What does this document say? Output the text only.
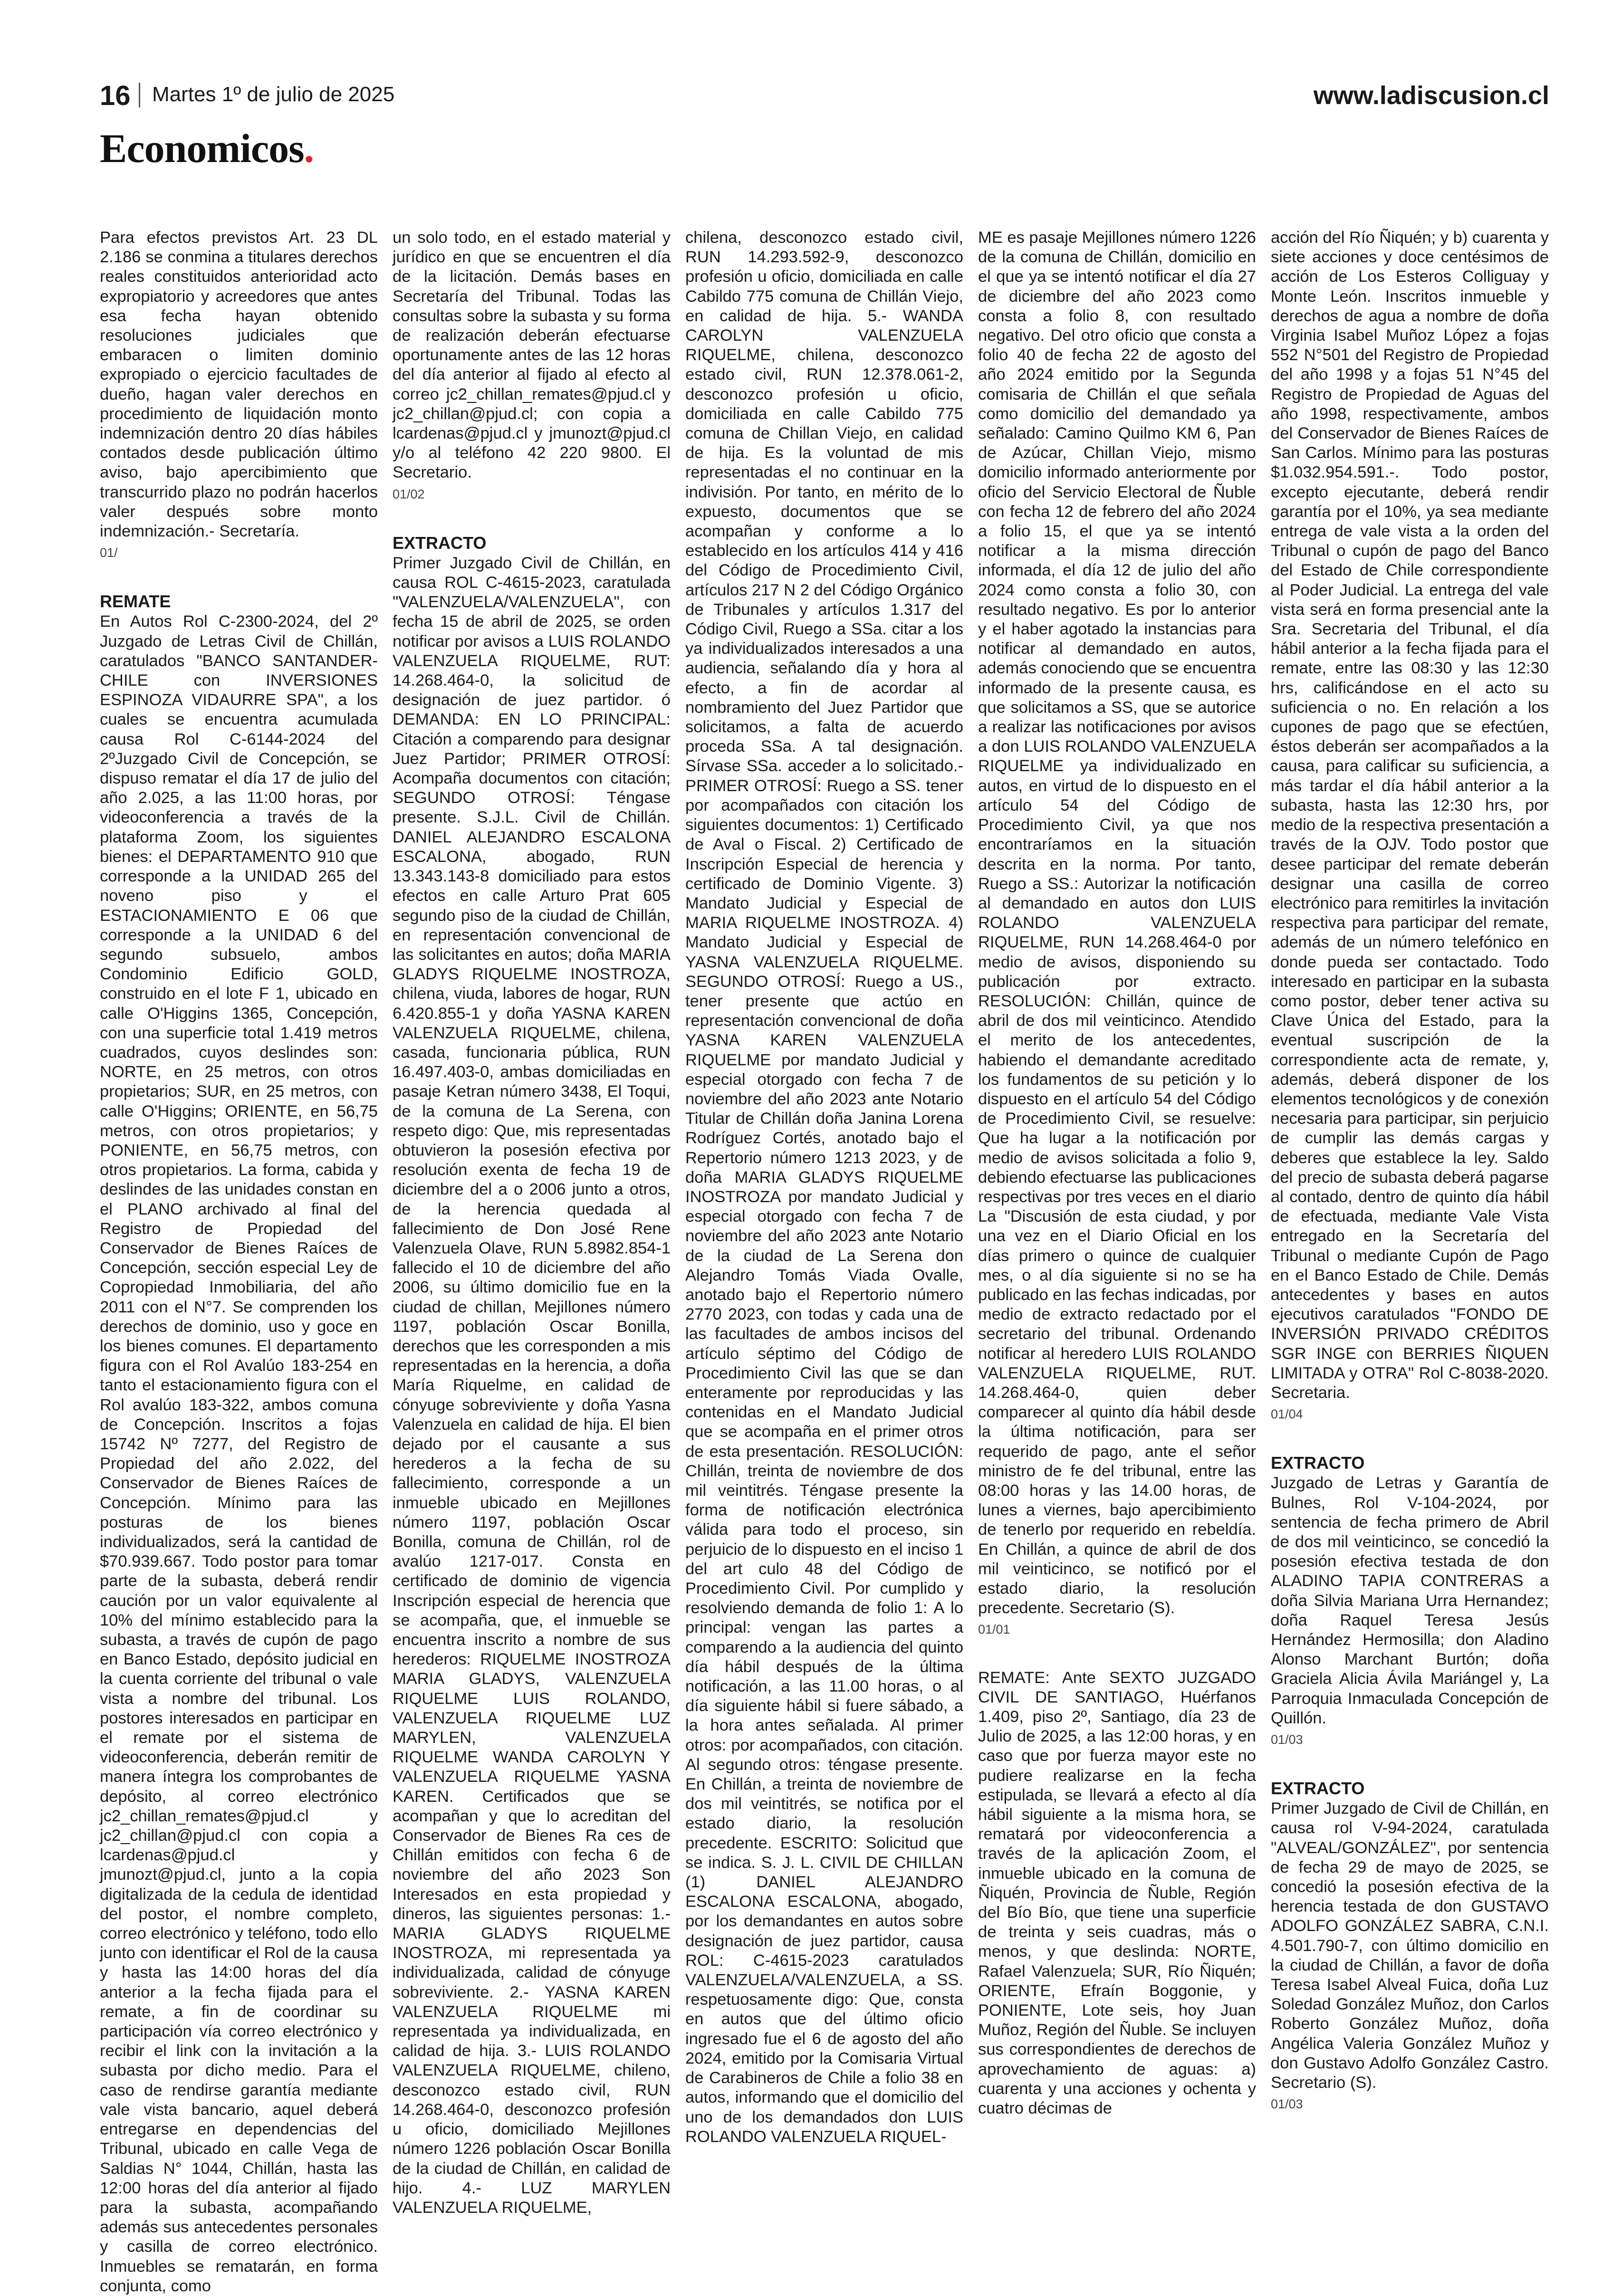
16 Martes 1º de julio de 2025	www.ladiscusion.cl
Economicos.

Para efectos previstos Art. 23 DL 2.186 se conmina a titulares derechos reales constituidos anterioridad acto expropiatorio y acreedores que antes esa fecha hayan obtenido resoluciones judiciales que embaracen o limiten dominio expropiado o ejercicio facultades de dueño, hagan valer derechos en procedimiento de liquidación monto indemnización dentro 20 días hábiles contados desde publicación último aviso, bajo apercibimiento que transcurrido plazo no podrán hacerlos valer después sobre monto indemnización.- Secretaría.

01/
REMATE

En Autos Rol C-2300-2024, del 2º Juzgado de Letras Civil de Chillán, caratulados "BANCO SANTANDER-CHILE con INVERSIONES ESPINOZA VIDAURRE SPA", a los cuales se encuentra acumulada causa Rol C-6144-2024 del 2ºJuzgado Civil de Concepción, se dispuso rematar el día 17 de julio del año 2.025, a las 11:00 horas, por videoconferencia a través de la plataforma Zoom, los siguientes bienes: el DEPARTAMENTO 910 que corresponde a la UNIDAD 265 del noveno piso y el ESTACIONAMIENTO E 06 que corresponde a la UNIDAD 6 del segundo subsuelo, ambos Condominio Edificio GOLD, construido en el lote F 1, ubicado en calle O'Higgins 1365, Concepción, con una superficie total 1.419 metros cuadrados, cuyos deslindes son: NORTE, en 25 metros, con otros propietarios; SUR, en 25 metros, con calle O'Higgins; ORIENTE, en 56,75 metros, con otros propietarios; y PONIENTE, en 56,75 metros, con otros propietarios. La forma, cabida y deslindes de las unidades constan en el PLANO archivado al final del Registro de Propiedad del Conservador de Bienes Raíces de Concepción, sección especial Ley de Copropiedad Inmobiliaria, del año 2011 con el N°7. Se comprenden los derechos de dominio, uso y goce en los bienes comunes. El departamento figura con el Rol Avalúo 183-254 en tanto el estacionamiento figura con el Rol avalúo 183-322, ambos comuna de Concepción. Inscritos a fojas 15742 Nº 7277, del Registro de Propiedad del año 2.022, del Conservador de Bienes Raíces de Concepción. Mínimo para las posturas de los bienes individualizados, será la cantidad de $70.939.667. Todo postor para tomar parte de la subasta, deberá rendir caución por un valor equivalente al 10% del mínimo establecido para la subasta, a través de cupón de pago en Banco Estado, depósito judicial en la cuenta corriente del tribunal o vale vista a nombre del tribunal. Los postores interesados en participar en el remate por el sistema de videoconferencia, deberán remitir de manera íntegra los comprobantes de depósito, al correo electrónico jc2_chillan_remates@pjud.cl y jc2_chillan@pjud.cl con copia a lcardenas@pjud.cl y jmunozt@pjud.cl, junto a la copia digitalizada de la cedula de identidad del postor, el nombre completo, correo electrónico y teléfono, todo ello junto con identificar el Rol de la causa y hasta las 14:00 horas del día anterior a la fecha fijada para el remate, a fin de coordinar su participación vía correo electrónico y recibir el link con la invitación a la subasta por dicho medio. Para el caso de rendirse garantía mediante vale vista bancario, aquel deberá entregarse en dependencias del Tribunal, ubicado en calle Vega de Saldias N° 1044, Chillán, hasta las 12:00 horas del día anterior al fijado para la subasta, acompañando además sus antecedentes personales y casilla de correo electrónico. Inmuebles se rematarán, en forma conjunta, como

un solo todo, en el estado material y jurídico en que se encuentren el día de la licitación. Demás bases en Secretaría del Tribunal. Todas las consultas sobre la subasta y su forma de realización deberán efectuarse oportunamente antes de las 12 horas del día anterior al fijado al efecto al correo jc2_chillan_remates@pjud.cl y jc2_chillan@pjud.cl; con copia a lcardenas@pjud.cl y jmunozt@pjud.cl y/o al teléfono 42 220 9800. El Secretario.

01/02
EXTRACTO

Primer Juzgado Civil de Chillán, en causa ROL C-4615-2023, caratulada "VALENZUELA/VALENZUELA", con fecha 15 de abril de 2025, se orden notificar por avisos a LUIS ROLANDO VALENZUELA RIQUELME, RUT: 14.268.464-0, la solicitud de designación de juez partidor. ó DEMANDA: EN LO PRINCIPAL: Citación a comparendo para designar Juez Partidor; PRIMER OTROSÍ: Acompaña documentos con citación; SEGUNDO OTROSÍ: Téngase presente. S.J.L. Civil de Chillán. DANIEL ALEJANDRO ESCALONA ESCALONA, abogado, RUN 13.343.143-8 domiciliado para estos efectos en calle Arturo Prat 605 segundo piso de la ciudad de Chillán, en representación convencional de las solicitantes en autos; doña MARIA GLADYS RIQUELME INOSTROZA, chilena, viuda, labores de hogar, RUN 6.420.855-1 y doña YASNA KAREN VALENZUELA RIQUELME, chilena, casada, funcionaria pública, RUN 16.497.403-0, ambas domiciliadas en pasaje Ketran número 3438, El Toqui, de la comuna de La Serena, con respeto digo: Que, mis representadas obtuvieron la posesión efectiva por resolución exenta de fecha 19 de diciembre del a o 2006 junto a otros, de la herencia quedada al fallecimiento de Don José Rene Valenzuela Olave, RUN 5.8982.854-1 fallecido el 10 de diciembre del año 2006, su último domicilio fue en la ciudad de chillan, Mejillones número 1197, población Oscar Bonilla, derechos que les corresponden a mis representadas en la herencia, a doña María Riquelme, en calidad de cónyuge sobreviviente y doña Yasna Valenzuela en calidad de hija. El bien dejado por el causante a sus herederos a la fecha de su fallecimiento, corresponde a un inmueble ubicado en Mejillones número 1197, población Oscar Bonilla, comuna de Chillán, rol de avalúo 1217-017. Consta en certificado de dominio de vigencia Inscripción especial de herencia que se acompaña, que, el inmueble se encuentra inscrito a nombre de sus herederos: RIQUELME INOSTROZA MARIA GLADYS, VALENZUELA RIQUELME LUIS ROLANDO, VALENZUELA RIQUELME LUZ MARYLEN, VALENZUELA RIQUELME WANDA CAROLYN Y VALENZUELA RIQUELME YASNA KAREN. Certificados que se acompañan y que lo acreditan del Conservador de Bienes Ra ces de Chillán emitidos con fecha 6 de noviembre del año 2023 Son Interesados en esta propiedad y dineros, las siguientes personas: 1.- MARIA GLADYS RIQUELME INOSTROZA, mi representada ya individualizada, calidad de cónyuge sobreviviente. 2.- YASNA KAREN VALENZUELA RIQUELME mi representada ya individualizada, en calidad de hija. 3.- LUIS ROLANDO VALENZUELA RIQUELME, chileno, desconozco estado civil, RUN 14.268.464-0, desconozco profesión u oficio, domiciliado Mejillones número 1226 población Oscar Bonilla de la ciudad de Chillán, en calidad de hijo. 4.- LUZ MARYLEN VALENZUELA RIQUELME,

chilena, desconozco estado civil, RUN 14.293.592-9, desconozco profesión u oficio, domiciliada en calle Cabildo 775 comuna de Chillán Viejo, en calidad de hija. 5.- WANDA CAROLYN VALENZUELA RIQUELME, chilena, desconozco estado civil, RUN 12.378.061-2, desconozco profesión u oficio, domiciliada en calle Cabildo 775 comuna de Chillan Viejo, en calidad de hija. Es la voluntad de mis representadas el no continuar en la indivisión. Por tanto, en mérito de lo expuesto, documentos que se acompañan y conforme a lo establecido en los artículos 414 y 416 del Código de Procedimiento Civil, artículos 217 N 2 del Código Orgánico de Tribunales y artículos 1.317 del Código Civil, Ruego a SSa. citar a los ya individualizados interesados a una audiencia, señalando día y hora al efecto, a fin de acordar al nombramiento del Juez Partidor que solicitamos, a falta de acuerdo proceda SSa. A tal designación. Sírvase SSa. acceder a lo solicitado.- PRIMER OTROSÍ: Ruego a SS. tener por acompañados con citación los siguientes documentos: 1) Certificado de Aval o Fiscal. 2) Certificado de Inscripción Especial de herencia y certificado de Dominio Vigente. 3) Mandato Judicial y Especial de MARIA RIQUELME INOSTROZA. 4) Mandato Judicial y Especial de YASNA VALENZUELA RIQUELME. SEGUNDO OTROSÍ: Ruego a US., tener presente que actúo en representación convencional de doña YASNA KAREN VALENZUELA RIQUELME por mandato Judicial y especial otorgado con fecha 7 de noviembre del año 2023 ante Notario Titular de Chillán doña Janina Lorena Rodríguez Cortés, anotado bajo el Repertorio número 1213 2023, y de doña MARIA GLADYS RIQUELME INOSTROZA por mandato Judicial y especial otorgado con fecha 7 de noviembre del año 2023 ante Notario de la ciudad de La Serena don Alejandro Tomás Viada Ovalle, anotado bajo el Repertorio número 2770 2023, con todas y cada una de las facultades de ambos incisos del artículo séptimo del Código de Procedimiento Civil las que se dan enteramente por reproducidas y las contenidas en el Mandato Judicial que se acompaña en el primer otros de esta presentación. RESOLUCIÓN: Chillán, treinta de noviembre de dos mil veintitrés. Téngase presente la forma de notificación electrónica válida para todo el proceso, sin perjuicio de lo dispuesto en el inciso 1 del art culo 48 del Código de Procedimiento Civil. Por cumplido y resolviendo demanda de folio 1: A lo principal: vengan las partes a comparendo a la audiencia del quinto día hábil después de la última notificación, a las 11.00 horas, o al día siguiente hábil si fuere sábado, a la hora antes señalada. Al primer otros: por acompañados, con citación. Al segundo otros: téngase presente. En Chillán, a treinta de noviembre de dos mil veintitrés, se notifica por el estado diario, la resolución precedente. ESCRITO: Solicitud que se indica. S. J. L. CIVIL DE CHILLAN (1) DANIEL ALEJANDRO ESCALONA ESCALONA, abogado, por los demandantes en autos sobre designación de juez partidor, causa ROL: C-4615-2023 caratulados VALENZUELA/VALENZUELA, a SS. respetuosamente digo: Que, consta en autos que del último oficio ingresado fue el 6 de agosto del año 2024, emitido por la Comisaria Virtual de Carabineros de Chile a folio 38 en autos, informando que el domicilio del uno de los demandados don LUIS ROLANDO VALENZUELA RIQUEL-

ME es pasaje Mejillones número 1226 de la comuna de Chillán, domicilio en el que ya se intentó notificar el día 27 de diciembre del año 2023 como consta a folio 8, con resultado negativo. Del otro oficio que consta a folio 40 de fecha 22 de agosto del año 2024 emitido por la Segunda comisaria de Chillán el que señala como domicilio del demandado ya señalado: Camino Quilmo KM 6, Pan de Azúcar, Chillan Viejo, mismo domicilio informado anteriormente por oficio del Servicio Electoral de Ñuble con fecha 12 de febrero del año 2024 a folio 15, el que ya se intentó notificar a la misma dirección informada, el día 12 de julio del año 2024 como consta a folio 30, con resultado negativo. Es por lo anterior y el haber agotado la instancias para notificar al demandado en autos, además conociendo que se encuentra informado de la presente causa, es que solicitamos a SS, que se autorice a realizar las notificaciones por avisos a don LUIS ROLANDO VALENZUELA RIQUELME ya individualizado en autos, en virtud de lo dispuesto en el artículo 54 del Código de Procedimiento Civil, ya que nos encontraríamos en la situación descrita en la norma. Por tanto, Ruego a SS.: Autorizar la notificación al demandado en autos don LUIS ROLANDO VALENZUELA RIQUELME, RUN 14.268.464-0 por medio de avisos, disponiendo su publicación por extracto. RESOLUCIÓN: Chillán, quince de abril de dos mil veinticinco. Atendido el merito de los antecedentes, habiendo el demandante acreditado los fundamentos de su petición y lo dispuesto en el artículo 54 del Código de Procedimiento Civil, se resuelve: Que ha lugar a la notificación por medio de avisos solicitada a folio 9, debiendo efectuarse las publicaciones respectivas por tres veces en el diario La "Discusión de esta ciudad, y por una vez en el Diario Oficial en los días primero o quince de cualquier mes, o al día siguiente si no se ha publicado en las fechas indicadas, por medio de extracto redactado por el secretario del tribunal. Ordenando notificar al heredero LUIS ROLANDO VALENZUELA RIQUELME, RUT. 14.268.464-0, quien deber comparecer al quinto día hábil desde la última notificación, para ser requerido de pago, ante el señor ministro de fe del tribunal, entre las 08:00 horas y las 14.00 horas, de lunes a viernes, bajo apercibimiento de tenerlo por requerido en rebeldía. En Chillán, a quince de abril de dos mil veinticinco, se notificó por el estado diario, la resolución precedente. Secretario (S).

01/01

REMATE: Ante SEXTO JUZGADO CIVIL DE SANTIAGO, Huérfanos 1.409, piso 2º, Santiago, día 23 de Julio de 2025, a las 12:00 horas, y en caso que por fuerza mayor este no pudiere realizarse en la fecha estipulada, se llevará a efecto al día hábil siguiente a la misma hora, se rematará por videoconferencia a través de la aplicación Zoom, el inmueble ubicado en la comuna de Ñiquén, Provincia de Ñuble, Región del Bío Bío, que tiene una superficie de treinta y seis cuadras, más o menos, y que deslinda: NORTE, Rafael Valenzuela; SUR, Río Ñiquén; ORIENTE, Efraín Boggonie, y PONIENTE, Lote seis, hoy Juan Muñoz, Región del Ñuble. Se incluyen sus correspondientes de derechos de aprovechamiento de aguas: a) cuarenta y una acciones y ochenta y cuatro décimas de

acción del Río Ñiquén; y b) cuarenta y siete acciones y doce centésimos de acción de Los Esteros Colliguay y Monte León. Inscritos inmueble y derechos de agua a nombre de doña Virginia Isabel Muñoz López a fojas 552 N°501 del Registro de Propiedad del año 1998 y a fojas 51 N°45 del Registro de Propiedad de Aguas del año 1998, respectivamente, ambos del Conservador de Bienes Raíces de San Carlos. Mínimo para las posturas $1.032.954.591.-. Todo postor, excepto ejecutante, deberá rendir garantía por el 10%, ya sea mediante entrega de vale vista a la orden del Tribunal o cupón de pago del Banco del Estado de Chile correspondiente al Poder Judicial. La entrega del vale vista será en forma presencial ante la Sra. Secretaria del Tribunal, el día hábil anterior a la fecha fijada para el remate, entre las 08:30 y las 12:30 hrs, calificándose en el acto su suficiencia o no. En relación a los cupones de pago que se efectúen, éstos deberán ser acompañados a la causa, para calificar su suficiencia, a más tardar el día hábil anterior a la subasta, hasta las 12:30 hrs, por medio de la respectiva presentación a través de la OJV. Todo postor que desee participar del remate deberán designar una casilla de correo electrónico para remitirles la invitación respectiva para participar del remate, además de un número telefónico en donde pueda ser contactado. Todo interesado en participar en la subasta como postor, deber tener activa su Clave Única del Estado, para la eventual suscripción de la correspondiente acta de remate, y, además, deberá disponer de los elementos tecnológicos y de conexión necesaria para participar, sin perjuicio de cumplir las demás cargas y deberes que establece la ley. Saldo del precio de subasta deberá pagarse al contado, dentro de quinto día hábil de efectuada, mediante Vale Vista entregado en la Secretaría del Tribunal o mediante Cupón de Pago en el Banco Estado de Chile. Demás antecedentes y bases en autos ejecutivos caratulados "FONDO DE INVERSIÓN PRIVADO CRÉDITOS SGR INGE con BERRIES ÑIQUEN LIMITADA y OTRA" Rol C-8038-2020. Secretaria.

01/04
EXTRACTO

Juzgado de Letras y Garantía de Bulnes, Rol V-104-2024, por sentencia de fecha primero de Abril de dos mil veinticinco, se concedió la posesión efectiva testada de don ALADINO TAPIA CONTRERAS a doña Silvia Mariana Urra Hernandez; doña Raquel Teresa Jesús Hernández Hermosilla; don Aladino Alonso Marchant Burtón; doña Graciela Alicia Ávila Mariángel y, La Parroquia Inmaculada Concepción de Quillón.

01/03
EXTRACTO

Primer Juzgado de Civil de Chillán, en causa rol V-94-2024, caratulada "ALVEAL/GONZÁLEZ", por sentencia de fecha 29 de mayo de 2025, se concedió la posesión efectiva de la herencia testada de don GUSTAVO ADOLFO GONZÁLEZ SABRA, C.N.I. 4.501.790-7, con último domicilio en la ciudad de Chillán, a favor de doña Teresa Isabel Alveal Fuica, doña Luz Soledad González Muñoz, don Carlos Roberto González Muñoz, doña Angélica Valeria González Muñoz y don Gustavo Adolfo González Castro. Secretario (S).

01/03
